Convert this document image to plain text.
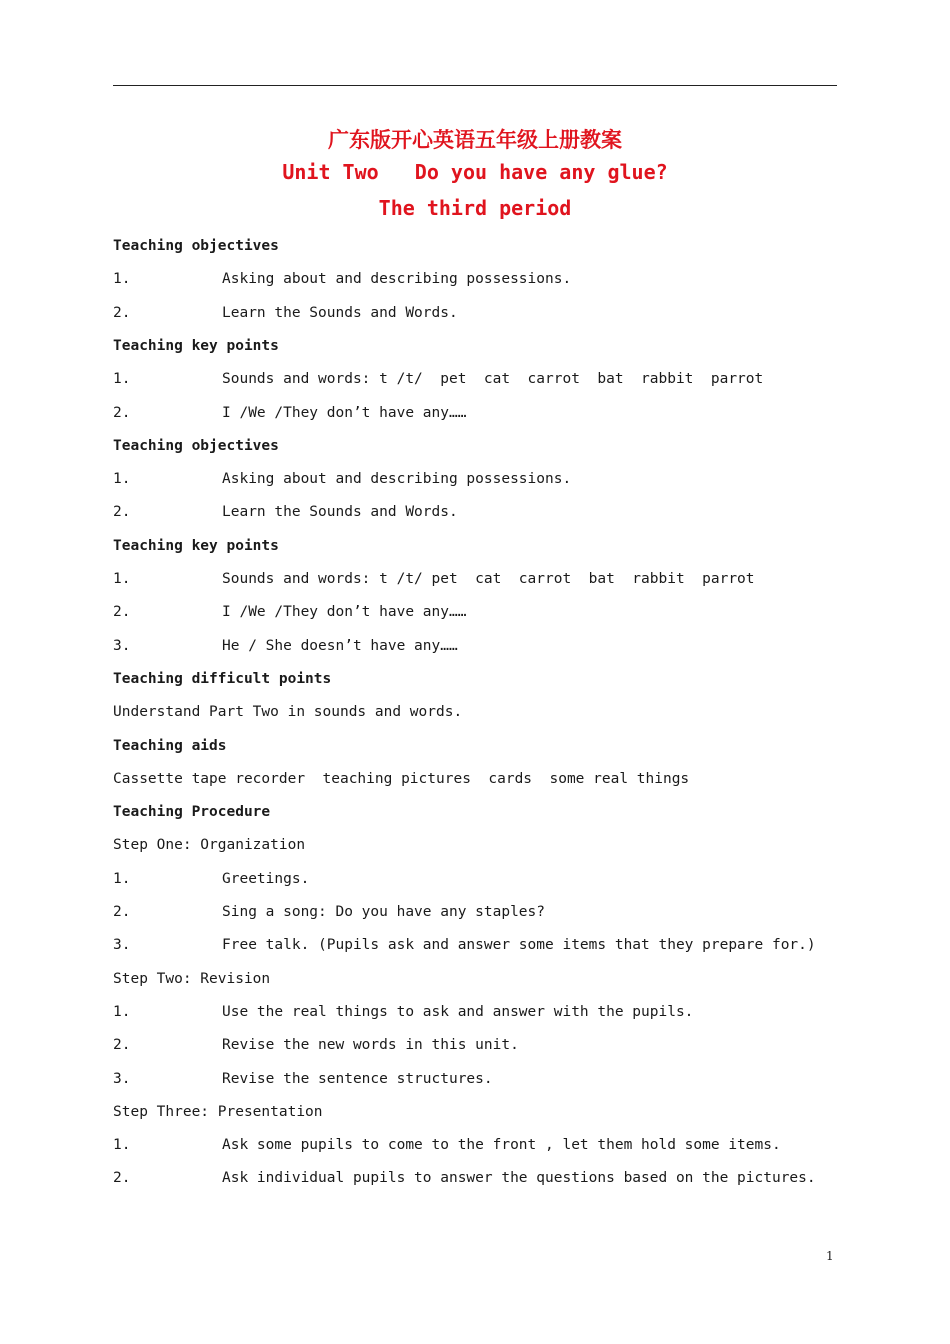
广东版开心英语五年级上册教案
Unit Two   Do you have any glue?
The third period
Teaching objectives
1.	Asking about and describing possessions.
2.	Learn the Sounds and Words.
Teaching key points
1.	Sounds and words: t /t/  pet  cat  carrot  bat  rabbit  parrot
2.	I /We /They don’t have any……
Teaching objectives
1.	Asking about and describing possessions.
2.	Learn the Sounds and Words.
Teaching key points
1.	Sounds and words: t /t/ pet  cat  carrot  bat  rabbit  parrot
2.	I /We /They don’t have any……
3.	He / She doesn’t have any……
Teaching difficult points
Understand Part Two in sounds and words.
Teaching aids
Cassette tape recorder  teaching pictures  cards  some real things
Teaching Procedure
Step One: Organization
1.	Greetings.
2.	Sing a song: Do you have any staples?
3.	Free talk. (Pupils ask and answer some items that they prepare for.)
Step Two: Revision
1.	Use the real things to ask and answer with the pupils.
2.	Revise the new words in this unit.
3.	Revise the sentence structures.
Step Three: Presentation
1.	Ask some pupils to come to the front , let them hold some items.
2.	Ask individual pupils to answer the questions based on the pictures.
1
